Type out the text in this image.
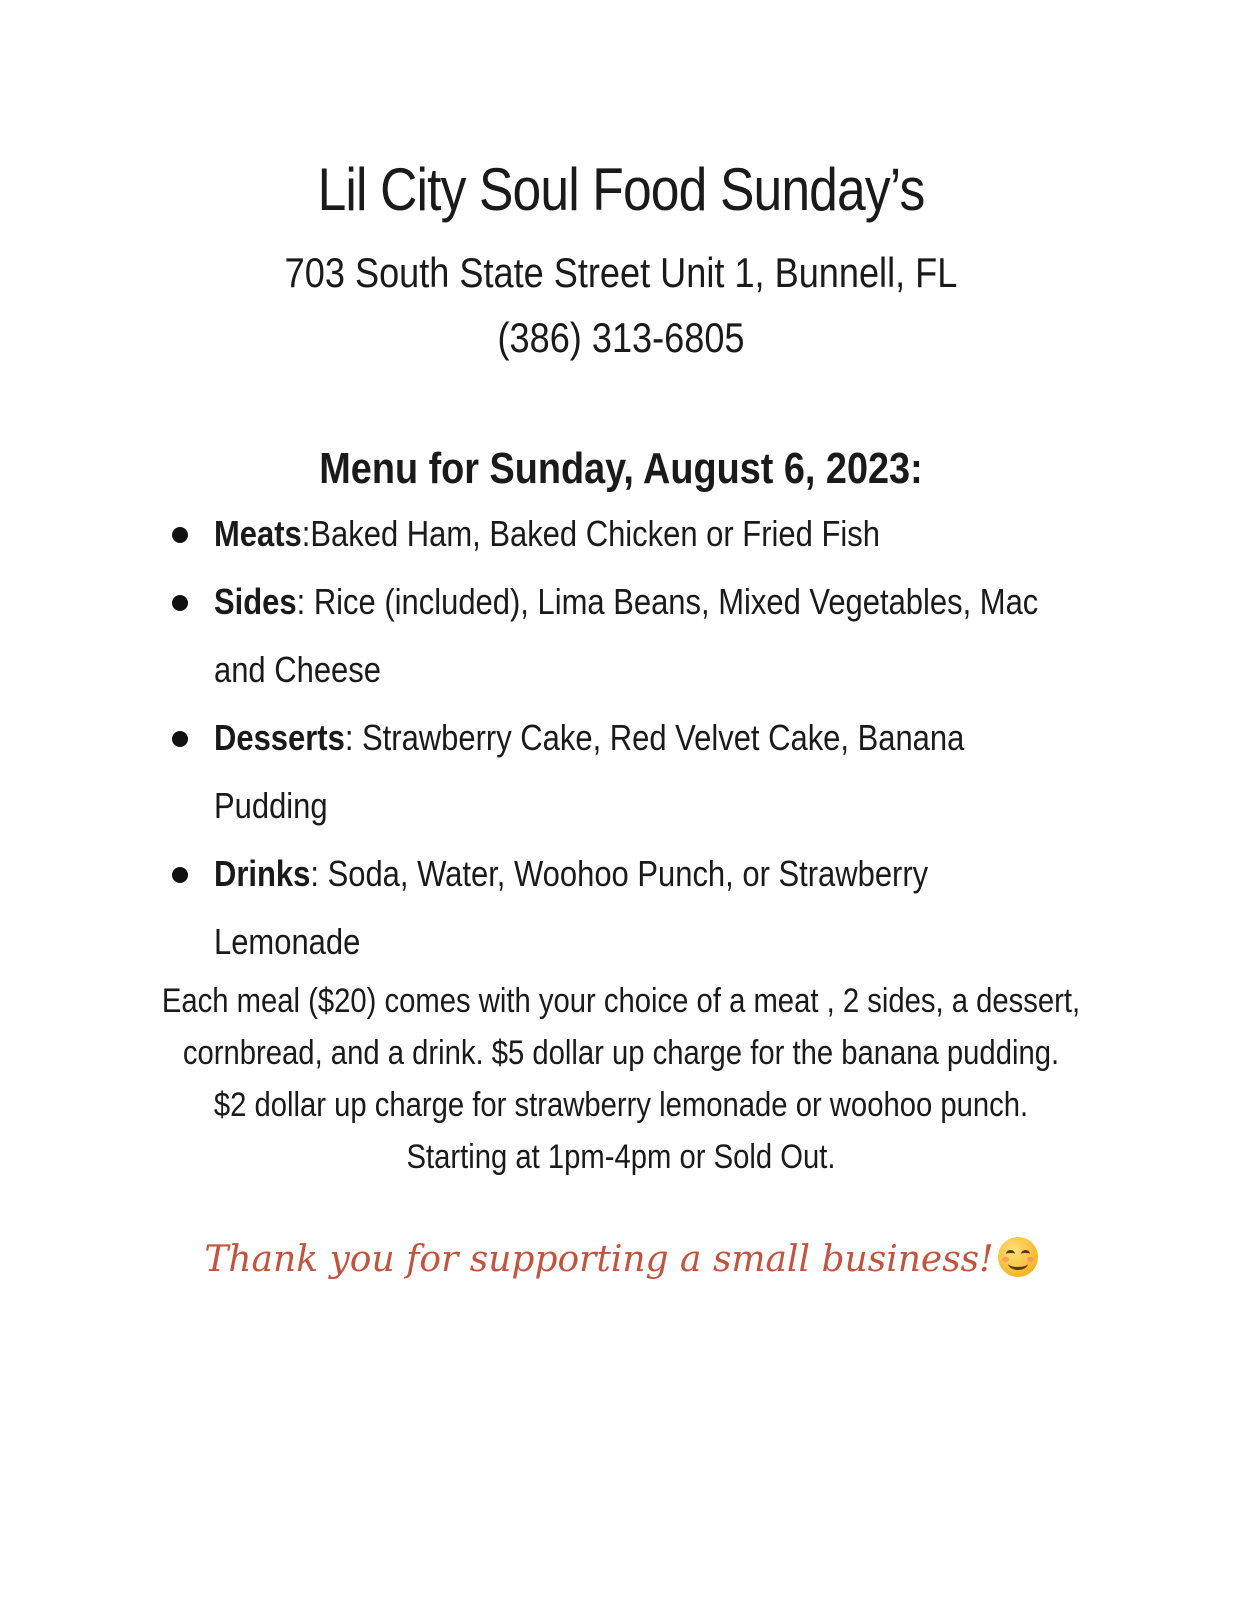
Lil City Soul Food Sunday’s
703 South State Street Unit 1, Bunnell, FL
(386) 313-6805
Menu for Sunday, August 6, 2023:
Meats:Baked Ham, Baked Chicken or Fried Fish
Sides: Rice (included), Lima Beans, Mixed Vegetables, Mac and Cheese
Desserts: Strawberry Cake, Red Velvet Cake, Banana Pudding
Drinks: Soda, Water, Woohoo Punch, or Strawberry Lemonade
Each meal ($20) comes with your choice of a meat , 2 sides, a dessert,
cornbread, and a drink. $5 dollar up charge for the banana pudding.
$2 dollar up charge for strawberry lemonade or woohoo punch.
Starting at 1pm-4pm or Sold Out.
Thank you for supporting a small business!
